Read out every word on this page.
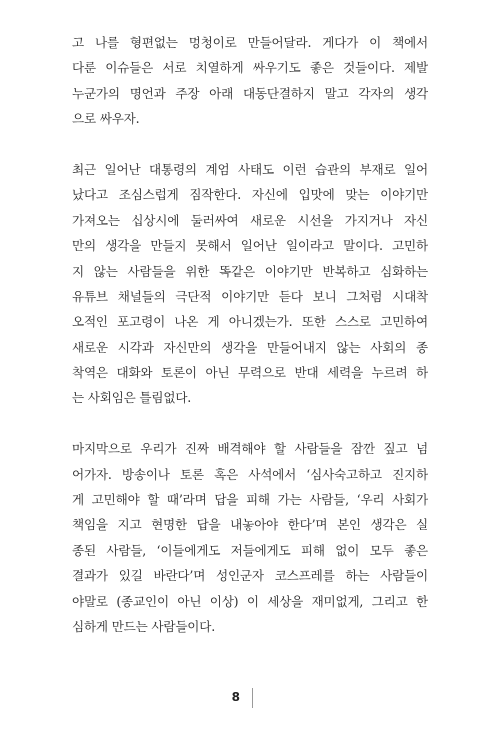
고 나를 형편없는 멍청이로 만들어달라. 게다가 이 책에서
다룬 이슈들은 서로 치열하게 싸우기도 좋은 것들이다. 제발
누군가의 명언과 주장 아래 대동단결하지 말고 각자의 생각
으로 싸우자.
최근 일어난 대통령의 계엄 사태도 이런 습관의 부재로 일어
났다고 조심스럽게 짐작한다. 자신에 입맛에 맞는 이야기만
가져오는 십상시에 둘러싸여 새로운 시선을 가지거나 자신
만의 생각을 만들지 못해서 일어난 일이라고 말이다. 고민하
지 않는 사람들을 위한 똑같은 이야기만 반복하고 심화하는
유튜브 채널들의 극단적 이야기만 듣다 보니 그처럼 시대착
오적인 포고령이 나온 게 아니겠는가. 또한 스스로 고민하여
새로운 시각과 자신만의 생각을 만들어내지 않는 사회의 종
착역은 대화와 토론이 아닌 무력으로 반대 세력을 누르려 하
는 사회임은 틀림없다.
마지막으로 우리가 진짜 배격해야 할 사람들을 잠깐 짚고 넘
어가자. 방송이나 토론 혹은 사석에서 ‘심사숙고하고 진지하
게 고민해야 할 때’라며 답을 피해 가는 사람들, ‘우리 사회가
책임을 지고 현명한 답을 내놓아야 한다’며 본인 생각은 실
종된 사람들, ‘이들에게도 저들에게도 피해 없이 모두 좋은
결과가 있길 바란다’며 성인군자 코스프레를 하는 사람들이
야말로 (종교인이 아닌 이상) 이 세상을 재미없게, 그리고 한
심하게 만드는 사람들이다.
8
